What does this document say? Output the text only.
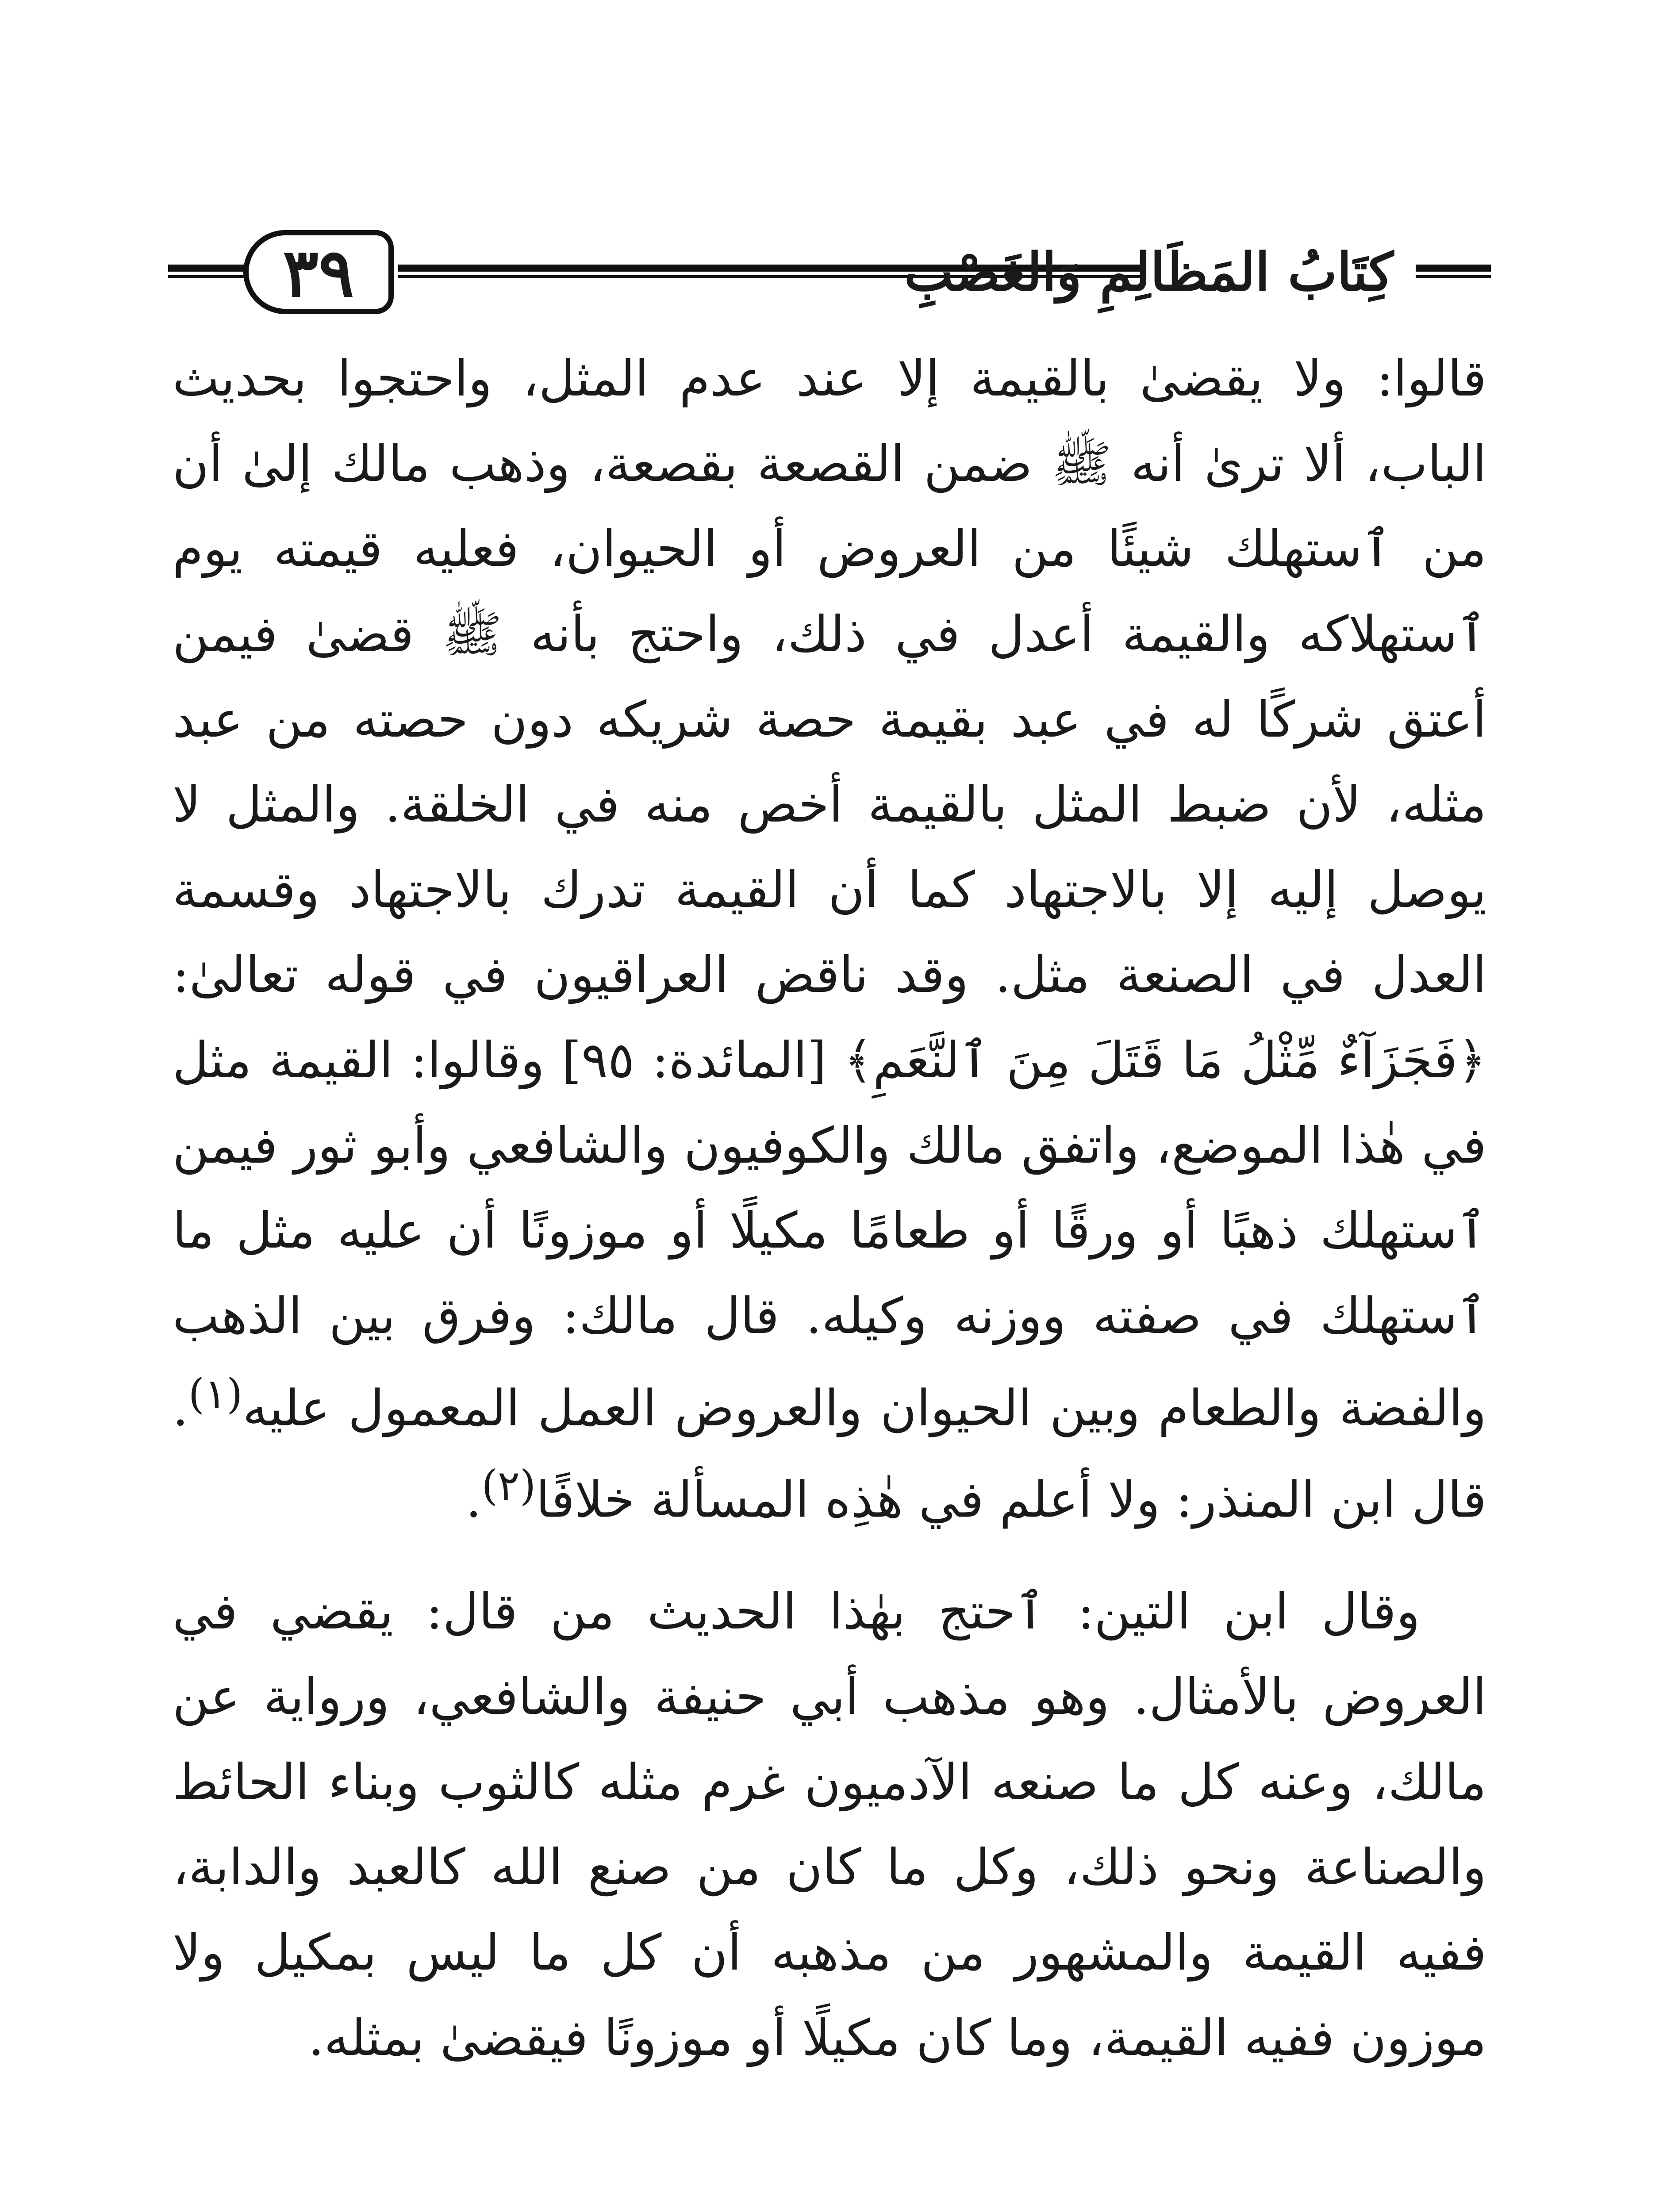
٣٩	كِتَابُ المَظَالِمِ وَالغَصْبِ

قالوا: ولا يقضىٰ بالقيمة إلا عند عدم المثل، واحتجوا بحديث الباب، ألا ترىٰ أنه ﷺ ضمن القصعة بقصعة، وذهب مالك إلىٰ أن من ٱستهلك شيئًا من العروض أو الحيوان، فعليه قيمته يوم ٱستهلاكه والقيمة أعدل في ذلك، واحتج بأنه ﷺ قضىٰ فيمن أعتق شركًا له في عبد بقيمة حصة شريكه دون حصته من عبد مثله، لأن ضبط المثل بالقيمة أخص منه في الخلقة. والمثل لا يوصل إليه إلا بالاجتهاد كما أن القيمة تدرك بالاجتهاد وقسمة العدل في الصنعة مثل. وقد ناقض العراقيون في قوله تعالىٰ: ﴿فَجَزَآءٌ مِّثْلُ مَا قَتَلَ مِنَ ٱلنَّعَمِ﴾ [المائدة: ٩٥] وقالوا: القيمة مثل في هٰذا الموضع، واتفق مالك والكوفيون والشافعي وأبو ثور فيمن ٱستهلك ذهبًا أو ورقًا أو طعامًا مكيلًا أو موزونًا أن عليه مثل ما ٱستهلك في صفته ووزنه وكيله. قال مالك: وفرق بين الذهب والفضة والطعام وبين الحيوان والعروض العمل المعمول عليه$^{(١)}$. قال ابن المنذر: ولا أعلم في هٰذِه المسألة خلافًا$^{(٢)}$.

وقال ابن التين: ٱحتج بهٰذا الحديث من قال: يقضي في العروض بالأمثال. وهو مذهب أبي حنيفة والشافعي، ورواية عن مالك، وعنه كل ما صنعه الآدميون غرم مثله كالثوب وبناء الحائط والصناعة ونحو ذلك، وكل ما كان من صنع الله كالعبد والدابة، ففيه القيمة والمشهور من مذهبه أن كل ما ليس بمكيل ولا موزون ففيه القيمة، وما كان مكيلًا أو موزونًا فيقضىٰ بمثله.
